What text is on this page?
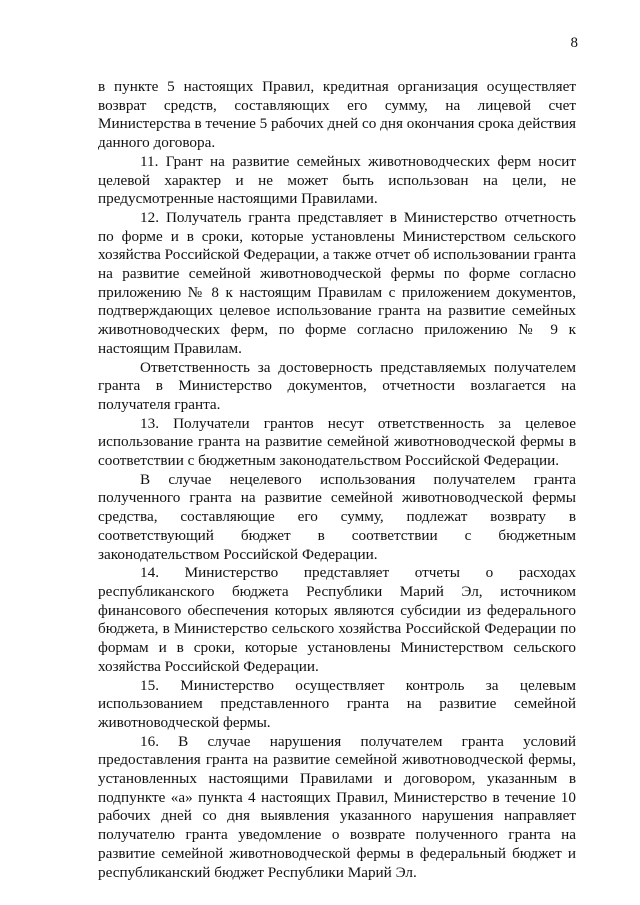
8

в пункте 5 настоящих Правил, кредитная организация осуществляет возврат средств, составляющих его сумму, на лицевой счет Министерства в течение 5 рабочих дней со дня окончания срока действия данного договора.

11. Грант на развитие семейных животноводческих ферм носит целевой характер и не может быть использован на цели, не предусмотренные настоящими Правилами.

12. Получатель гранта представляет в Министерство отчетность по форме и в сроки, которые установлены Министерством сельского хозяйства Российской Федерации, а также отчет об использовании гранта на развитие семейной животноводческой фермы по форме согласно приложению № 8 к настоящим Правилам с приложением документов, подтверждающих целевое использование гранта на развитие семейных животноводческих ферм, по форме согласно приложению № 9 к настоящим Правилам.

Ответственность за достоверность представляемых получателем гранта в Министерство документов, отчетности возлагается на получателя гранта.

13. Получатели грантов несут ответственность за целевое использование гранта на развитие семейной животноводческой фермы в соответствии с бюджетным законодательством Российской Федерации.

В случае нецелевого использования получателем гранта полученного гранта на развитие семейной животноводческой фермы средства, составляющие его сумму, подлежат возврату в соответствующий бюджет в соответствии с бюджетным законодательством Российской Федерации.

14. Министерство представляет отчеты о расходах республиканского бюджета Республики Марий Эл, источником финансового обеспечения которых являются субсидии из федерального бюджета, в Министерство сельского хозяйства Российской Федерации по формам и в сроки, которые установлены Министерством сельского хозяйства Российской Федерации.

15. Министерство осуществляет контроль за целевым использованием представленного гранта на развитие семейной животноводческой фермы.

16. В случае нарушения получателем гранта условий предоставления гранта на развитие семейной животноводческой фермы, установленных настоящими Правилами и договором, указанным в подпункте «а» пункта 4 настоящих Правил, Министерство в течение 10 рабочих дней со дня выявления указанного нарушения направляет получателю гранта уведомление о возврате полученного гранта на развитие семейной животноводческой фермы в федеральный бюджет и республиканский бюджет Республики Марий Эл.
